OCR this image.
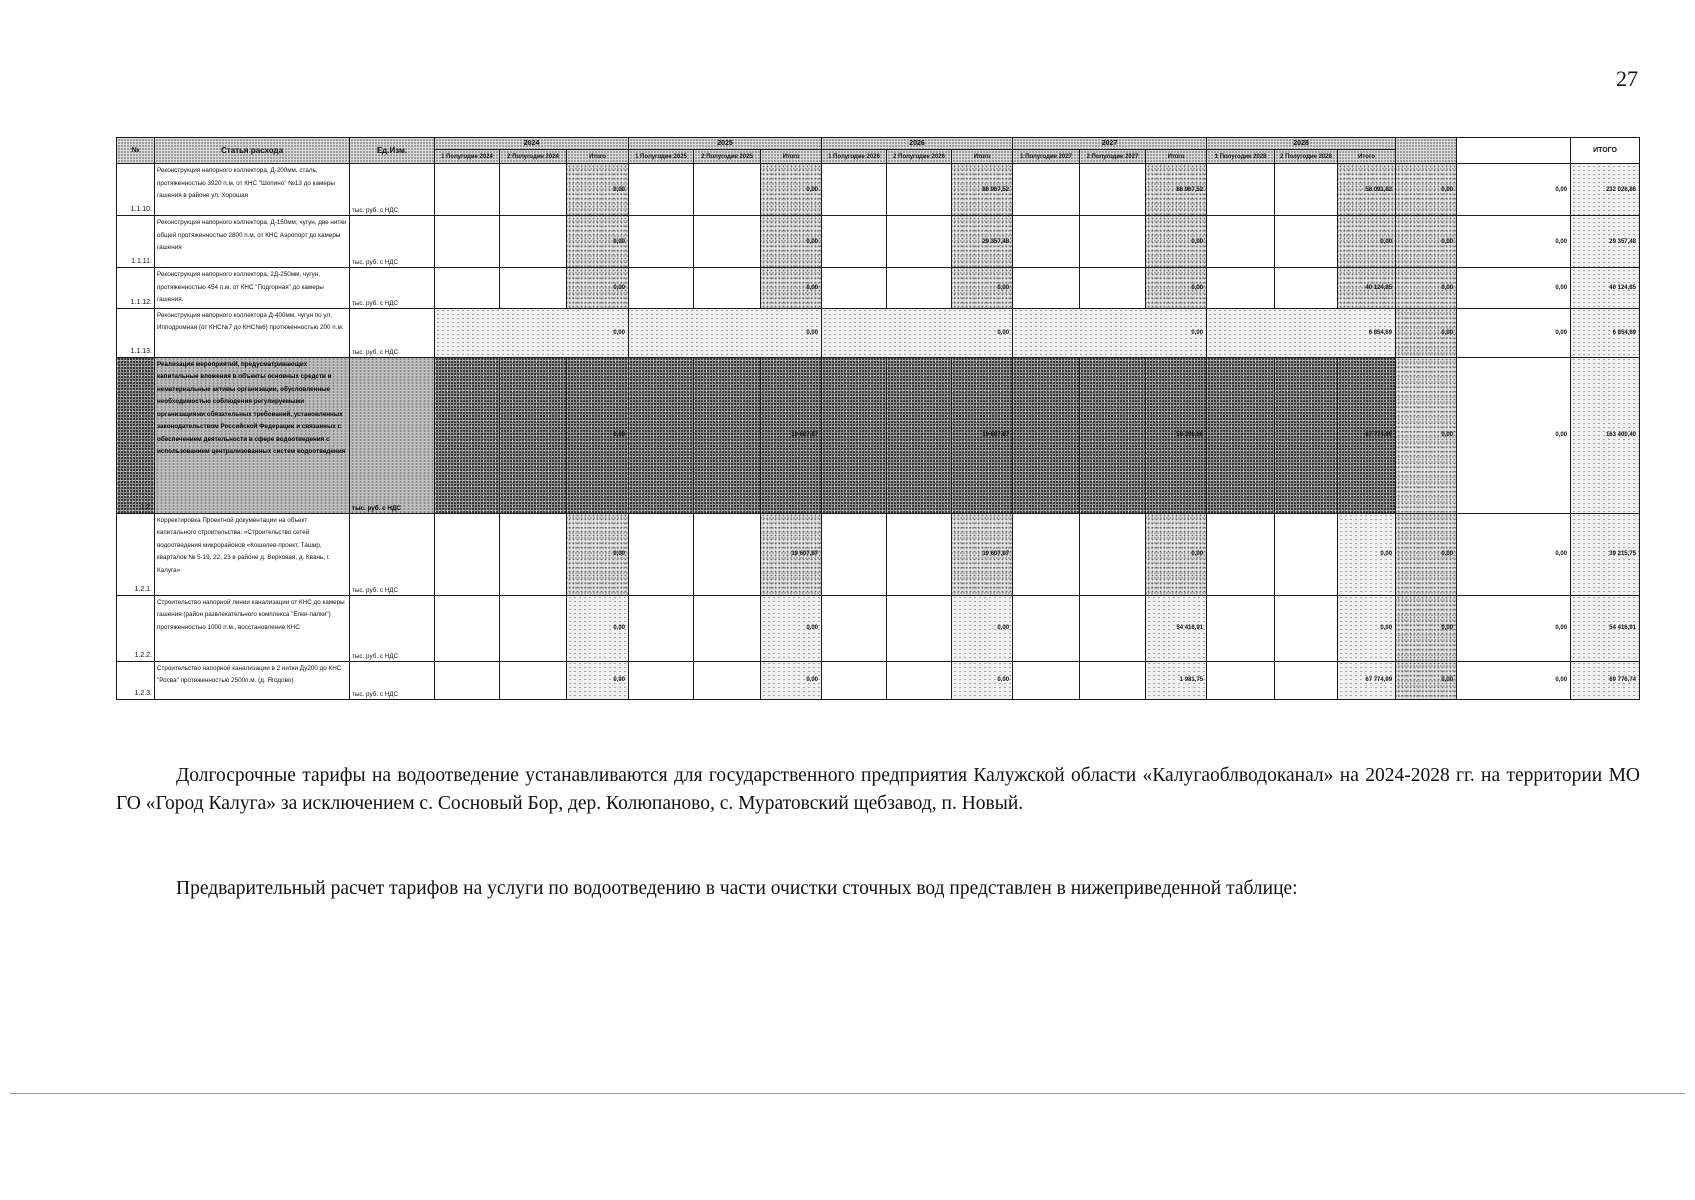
27
№	Статья расхода	Ед.Изм.	2024			2025			2026			2027			2028					ИТОГО
			1 Полугодие 2024	2 Полугодие 2024	Итого	1 Полугодие 2025	2 Полугодие 2025	Итого	1 Полугодие 2026	2 Полугодие 2026	Итого	1 Полугодие 2027	2 Полугодие 2027	Итого	1 Полугодие 2028	2 Полугодие 2028	Итого			
1.1.10.	Реконструкция напорного коллектора, Д-200мм, сталь, протяженностью 3920 п.м, от КНС "Шопино" №13 до камеры гашения в районе ул. Хорошая	тыс. руб. с НДС			0,00			0,00			86 967,52			86 967,52			58 091,82	0,00	0,00	232 026,86
1.1.11.	Реконструкция напорного коллектора, Д-150мм, чугун, две нитки общей протяженностью 2800 п.м, от КНС Аэропорт до камеры гашения	тыс. руб. с НДС			0,00			0,00			29 357,48			0,00			0,00	0,00	0,00	29 357,48
1.1.12.	Реконструкция напорного коллектора, 2Д-250мм, чугун, протяженностью 454 п.м, от КНС "Подгорная" до камеры гашения.	тыс. руб. с НДС			0,00			0,00			0,00			0,00			40 124,85	0,00	0,00	40 124,85
1.1.13.	Реконструкция напорного коллектора Д-400мм, чугун по ул. Ипподромная (от КНС№7 до КНС№6) протяженностью 200 п.м.	тыс. руб. с НДС	0,00			0,00			0,00			0,00			6 854,69			0,00	0,00	6 854,69
1.2.	Реализация мероприятий, предусматривающих капитальные вложения в объекты основных средств и нематериальные активы организации, обусловленные необходимостью соблюдения регулируемыми организациями обязательных требований, установленных законодательством Российской Федерации и связанных с обеспечением деятельности в сфере водоотведения с использованием централизованных систем водоотведения	тыс. руб. с НДС			0,00			19 607,87			19 607,87			56 398,66			67 774,99	0,00	0,00	163 400,40
1.2.1.	Корректировка Проектной документации на объект капитального строительства: «Строительство сетей водоотведения микрорайонов «Кошелев-проект, Ташир, кварталов № 5-19, 22, 23 в районе д. Верховая, д. Квань, г. Калуга»	тыс. руб. с НДС			0,00			19 607,87			19 607,87			0,00			0,00	0,00	0,00	39 215,75
1.2.2.	Строительство напорной линии канализации от КНС до камеры гашения (район развлекательного комплекса "Ёлки-палки") протяженностью 1000 п.м., восстановление КНС	тыс. руб. с НДС			0,00			0,00			0,00			54 416,91			0,00	0,00	0,00	54 416,91
1.2.3.	Строительство напорной канализации в 2 нитки Ду200 до КНС "Росва" протяженностью 2500п.м. (д. Ягодово)	тыс. руб. с НДС			0,00			0,00			0,00			1 981,75			67 774,99	0,00	0,00	69 776,74

Долгосрочные тарифы на водоотведение устанавливаются для государственного предприятия Калужской области «Калугаоблводоканал» на 2024-2028 гг. на территории МО ГО «Город Калуга» за исключением с. Сосновый Бор, дер. Колюпаново, с. Муратовский щебзавод, п. Новый.

Предварительный расчет тарифов на услуги по водоотведению в части очистки сточных вод представлен в нижеприведенной таблице:
